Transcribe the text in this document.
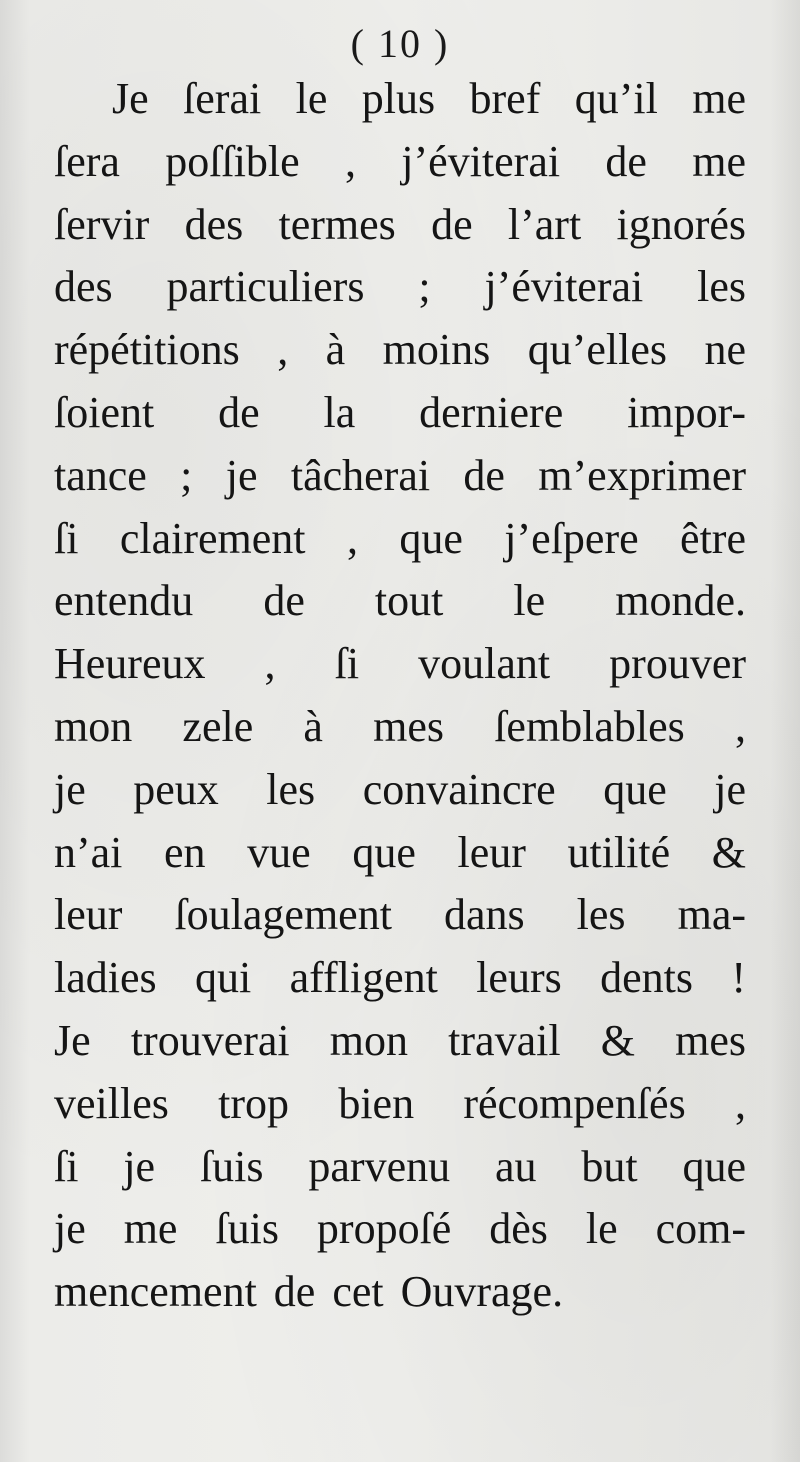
( 10 )
Je ſerai le plus bref qu’il me
ſera poſſible , j’éviterai de me
ſervir des termes de l’art ignorés
des particuliers ; j’éviterai les
répétitions , à moins qu’elles ne
ſoient de la derniere impor-
tance ; je tâcherai de m’exprimer
ſi clairement , que j’eſpere être
entendu de tout le monde.
Heureux , ſi voulant prouver
mon zele à mes ſemblables ,
je peux les convaincre que je
n’ai en vue que leur utilité &
leur ſoulagement dans les ma-
ladies qui affligent leurs dents !
Je trouverai mon travail & mes
veilles trop bien récompenſés ,
ſi je ſuis parvenu au but que
je me ſuis propoſé dès le com-
mencement de cet Ouvrage.
